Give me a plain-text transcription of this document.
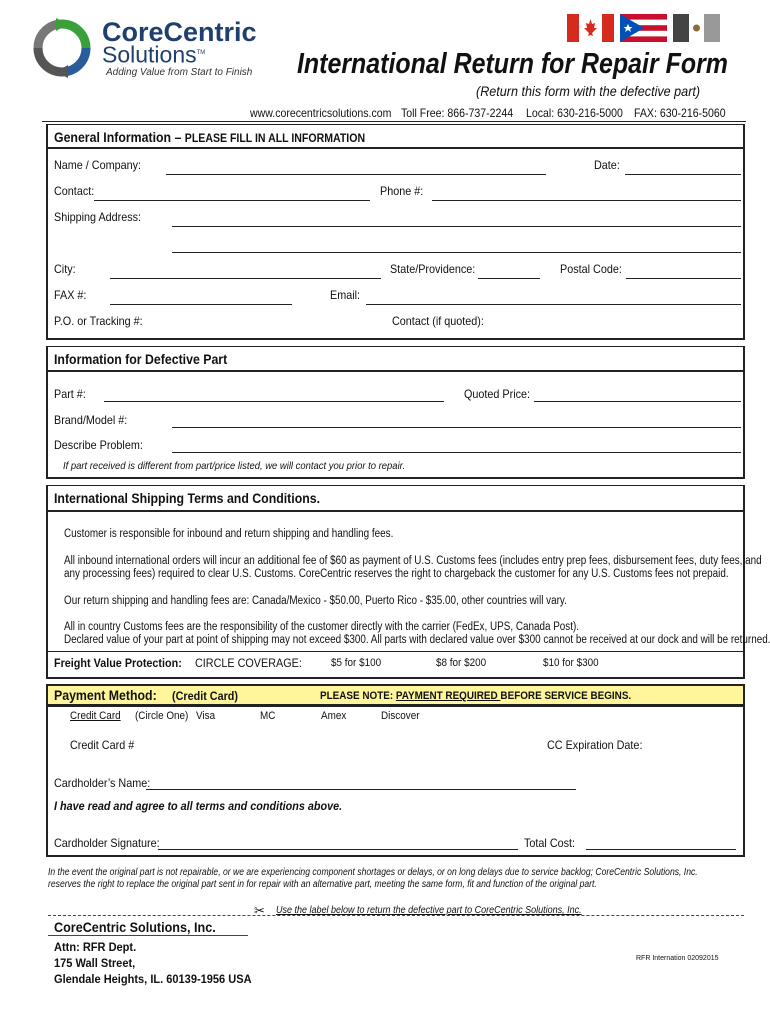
CoreCentric
Solutions™
Adding Value from Start to Finish International Return for Repair Form
(Return this form with the defective part)
www.corecentricsolutions.com Toll Free: 866-737-2244 Local: 630-216-5000 FAX: 630-216-5060
General Information – PLEASE FILL IN ALL INFORMATION
Name / Company:	Date:
Contact:	Phone #:
Shipping Address:
City:	State/Providence:	Postal Code:
FAX #:	Email:
P.O. or Tracking #:	Contact (if quoted):
Information for Defective Part
Part #:	Quoted Price:
Brand/Model #:
Describe Problem:
If part received is different from part/price listed, we will contact you prior to repair.
International Shipping Terms and Conditions.
Customer is responsible for inbound and return shipping and handling fees.
All inbound international orders will incur an additional fee of $60 as payment of U.S. Customs fees (includes entry prep fees, disbursement fees, duty fees, and
any processing fees) required to clear U.S. Customs. CoreCentric reserves the right to chargeback the customer for any U.S. Customs fees not prepaid.
Our return shipping and handling fees are: Canada/Mexico - $50.00, Puerto Rico - $35.00, other countries will vary.
All in country Customs fees are the responsibility of the customer directly with the carrier (FedEx, UPS, Canada Post).
Declared value of your part at point of shipping may not exceed $300. All parts with declared value over $300 cannot be received at our dock and will be returned.
Freight Value Protection: CIRCLE COVERAGE:	$5 for $100	$8 for $200	$10 for $300
Payment Method: (Credit Card)	PLEASE NOTE: PAYMENT REQUIRED BEFORE SERVICE BEGINS.
Credit Card (Circle One) Visa	MC	Amex	Discover
Credit Card #	CC Expiration Date:
Cardholder’s Name:
I have read and agree to all terms and conditions above.
Cardholder Signature:	Total Cost:
In the event the original part is not repairable, or we are experiencing component shortages or delays, or on long delays due to service backlog; CoreCentric Solutions, Inc.
reserves the right to replace the original part sent in for repair with an alternative part, meeting the same form, fit and function of the original part.
✂ Use the label below to return the defective part to CoreCentric Solutions, Inc.
CoreCentric Solutions, Inc.
Attn: RFR Dept.
175 Wall Street,
Glendale Heights, IL. 60139-1956 USA
RFR Internation 02092015
